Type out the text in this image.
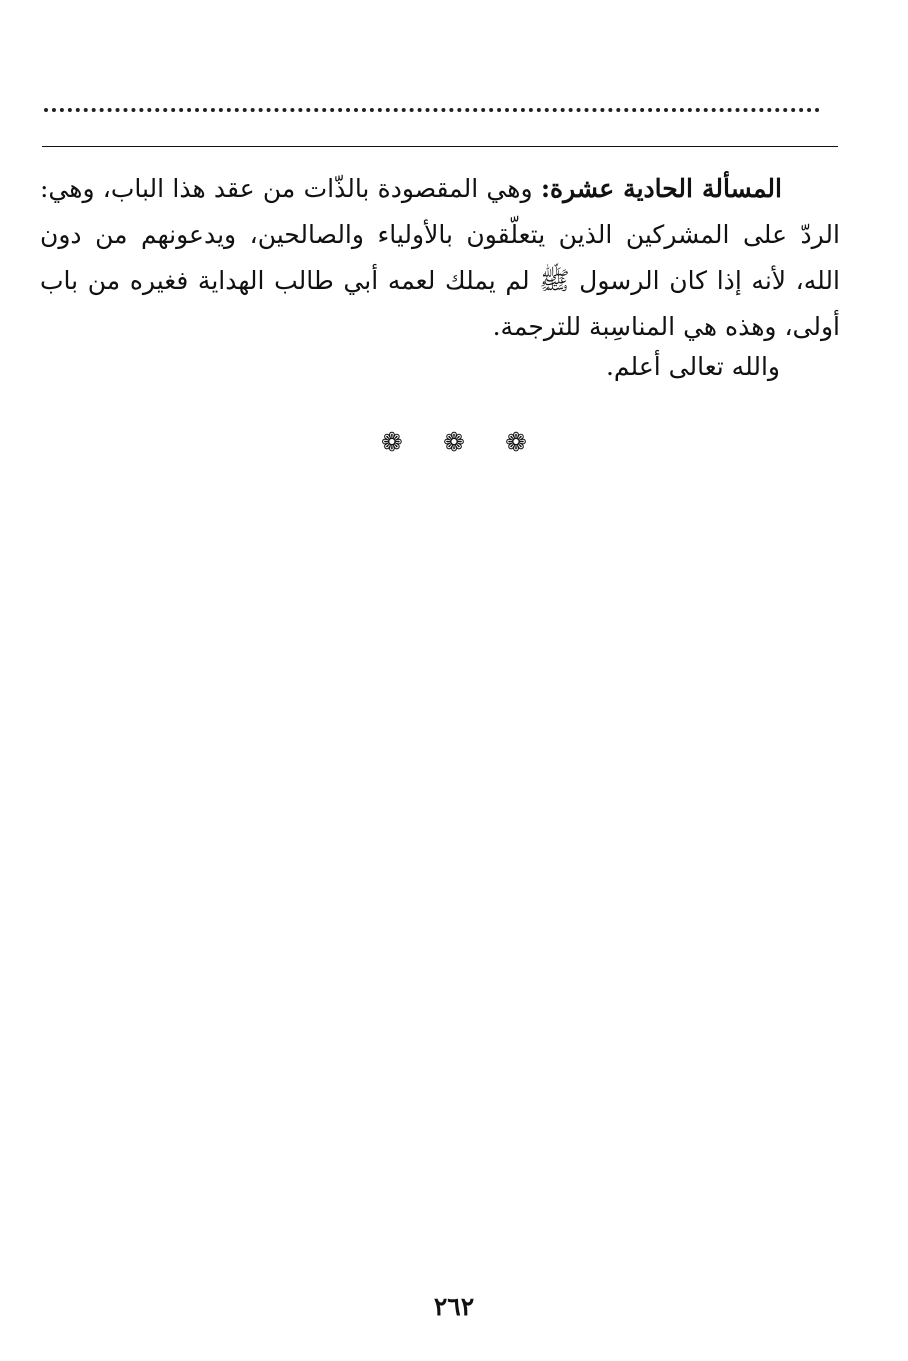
المسألة الحادية عشرة: وهي المقصودة بالذّات من عقد هذا الباب، وهي: الردّ على المشركين الذين يتعلّقون بالأولياء والصالحين، ويدعونهم من دون الله، لأنه إذا كان الرسول ﷺ لم يملك لعمه أبي طالب الهداية فغيره من باب أولى، وهذه هي المناسِبة للترجمة.

والله تعالى أعلم.
❁ ❁ ❁
٢٦٢
